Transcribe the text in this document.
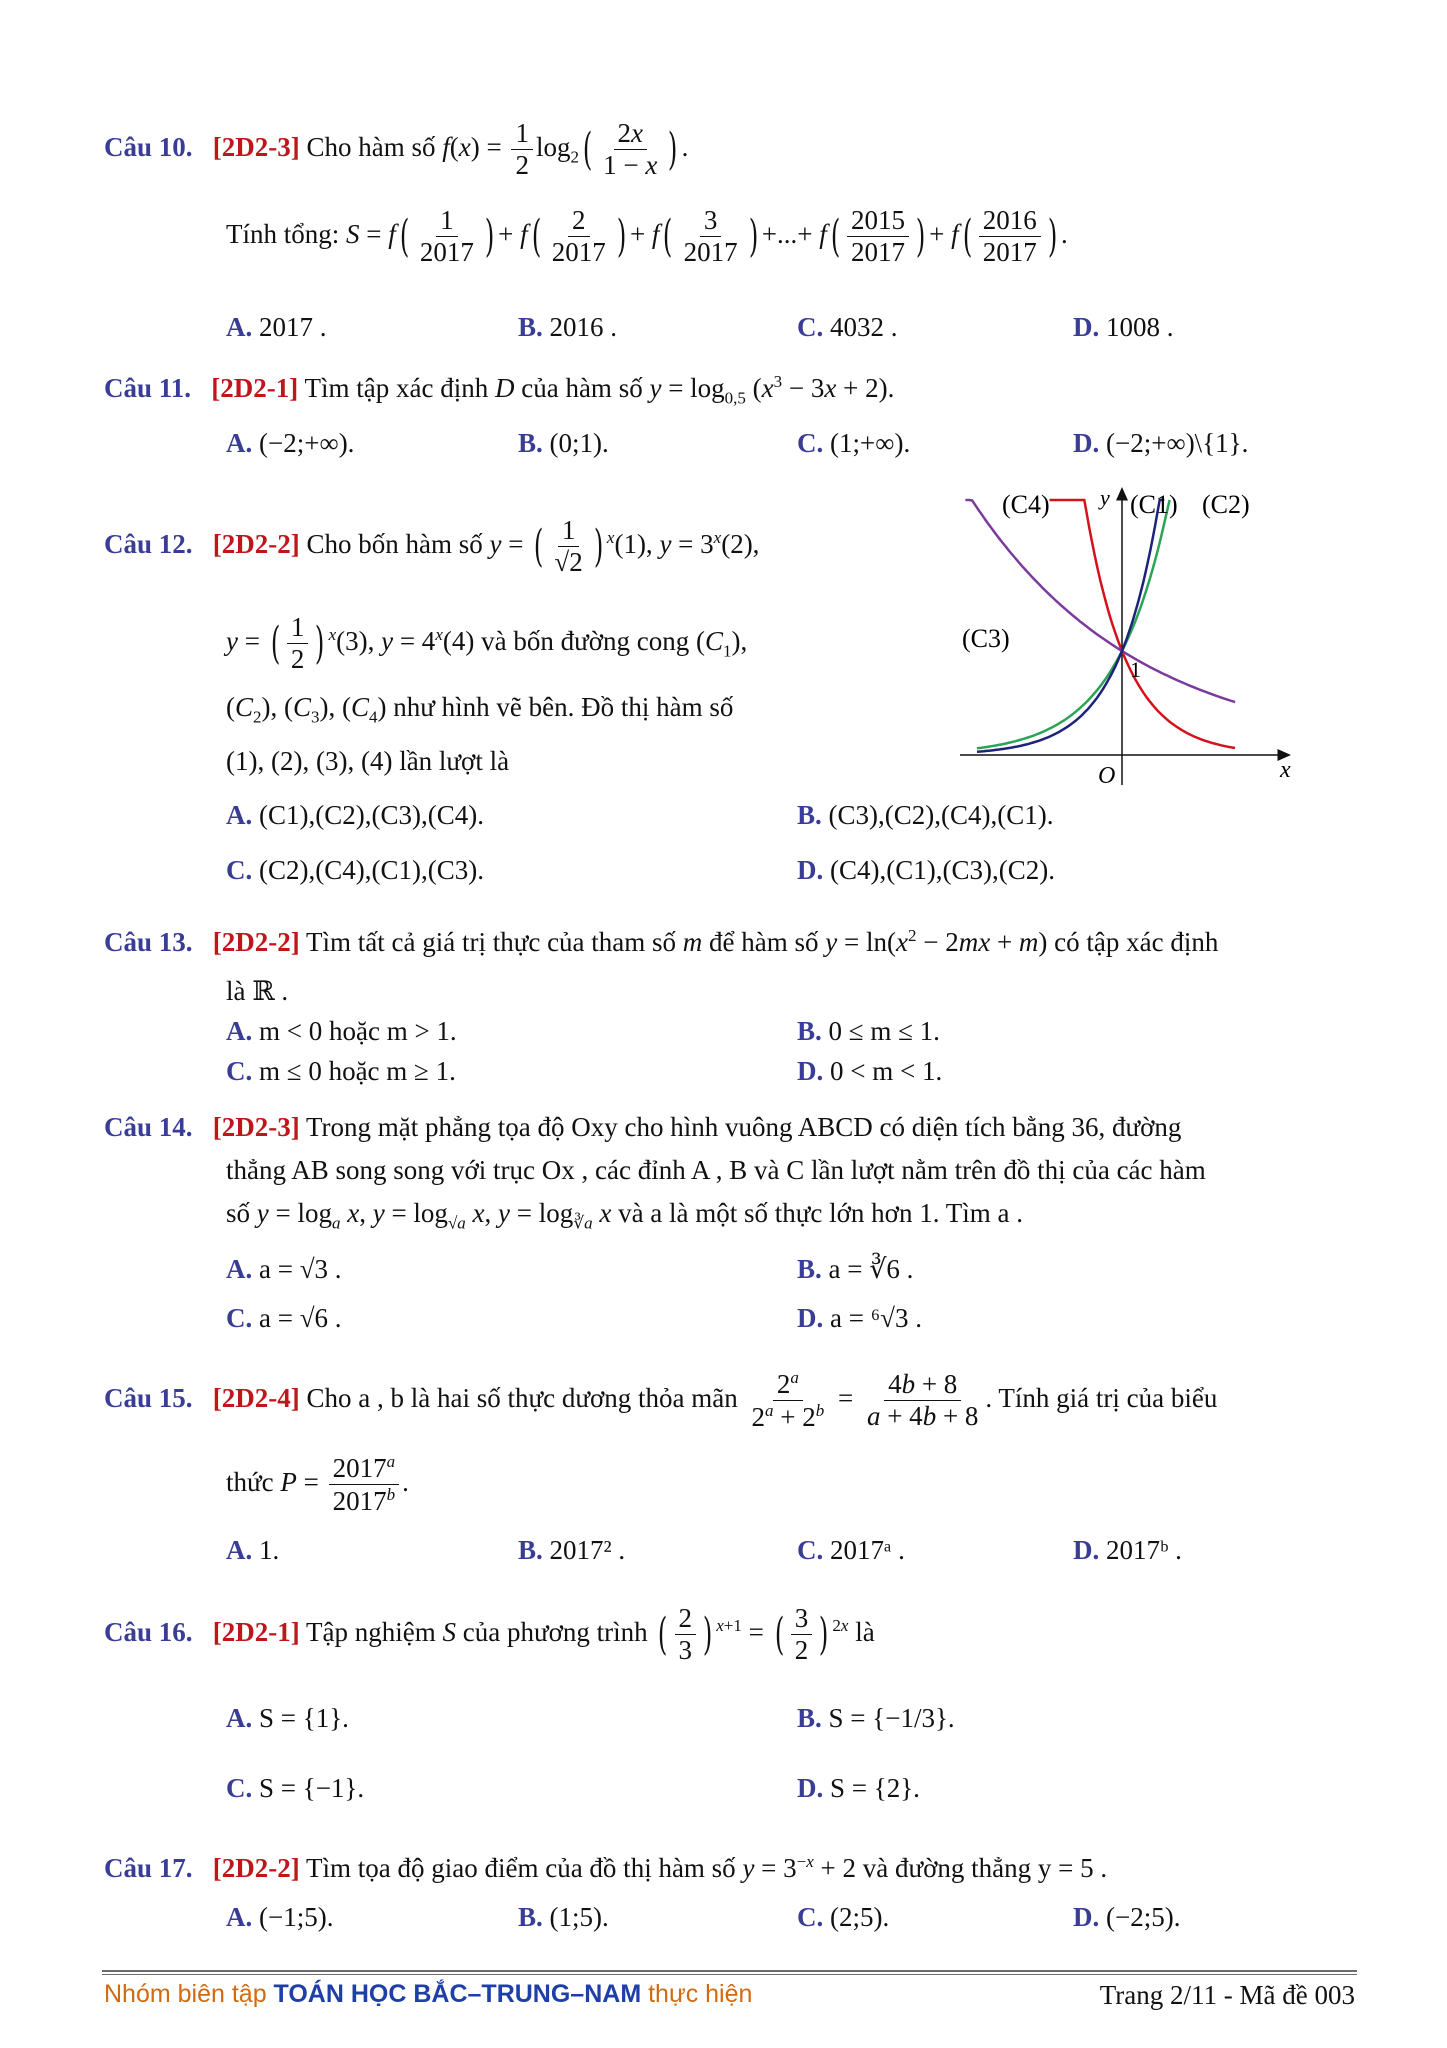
Câu 10. [2D2-3] Cho hàm số $f(x) = \frac{1}{2} \log_2( \frac{2x}{1 - x}$ ) .
Tính tổng: $S = f( \frac{1}{2017}$ ) + $f( \frac{2}{2017}$ ) + $f( \frac{3}{2017}$ ) +...+ $f( \frac{2015}{2017}$ ) + $f( \frac{2016}{2017}$ ) .
A. 2017 .	B. 2016 .	C. 4032 .	D. 1008 .
Câu 11. [2D2-1] Tìm tập xác định D của hàm số $y = \log_{0,5} (x^3 - 3x + 2)$.
A. (−2;+∞).	B. (0;1).	C. (1;+∞).	D. (−2;+∞)\{1}.
Câu 12. [2D2-2] Cho bốn hàm số y = ( $\frac{1}{√2}$ ) $^x$(1), $y = 3^x(2)$,
y = ( $\frac{1}{2}$ ) $^x$(3), $y = 4^x(4)$ và bốn đường cong $(C_1)$,
$(C_2)$, $(C_3)$, $(C_4)$ như hình vẽ bên. Đồ thị hàm số
(1), (2), (3), (4) lần lượt là
(C4) y (C1) (C2)
(C3)
1
O	x
A. (C1),(C2),(C3),(C4).	B. (C3),(C2),(C4),(C1).
C. (C2),(C4),(C1),(C3).	D. (C4),(C1),(C3),(C2).
Câu 13. [2D2-2] Tìm tất cả giá trị thực của tham số m để hàm số $y = \ln(x^2 - 2mx + m)$ có tập xác định
là ℝ .
A. m < 0 hoặc m > 1.	B. 0 ≤ m ≤ 1.
C. m ≤ 0 hoặc m ≥ 1.	D. 0 < m < 1.
Câu 14. [2D2-3] Trong mặt phẳng tọa độ Oxy cho hình vuông ABCD có diện tích bằng 36, đường
thẳng AB song song với trục Ox , các đỉnh A , B và C lần lượt nằm trên đồ thị của các hàm
số $y = \log_a x$, $y = \log_{√a} x$, $y = \log_{∛a} x$ và a là một số thực lớn hơn 1. Tìm a .
A. a = √3 .	B. a = ∛6 .
C. a = √6 .	D. a = ⁶√3 .
Câu 15. [2D2-4] Cho a , b là hai số thực dương thỏa mãn $\frac{2^a}{2^a + 2^b} = \frac{4b + 8}{a + 4b + 8}$ . Tính giá trị của biểu
thức $P = \frac{2017^a}{2017^b}$ .
A. 1.	B. 2017² .	C. 2017ᵃ .	D. 2017ᵇ .
Câu 16. [2D2-1] Tập nghiệm S của phương trình ( $\frac{2}{3}$ ) $^{x+1}$ = ( $\frac{3}{2}$ ) $^{2x}$ là
A. S = {1}.	B. S = {−1/3}.
C. S = {−1}.	D. S = {2}.
Câu 17. [2D2-2] Tìm tọa độ giao điểm của đồ thị hàm số $y = 3^{-x} + 2$ và đường thẳng y = 5 .
A. (−1;5).	B. (1;5).	C. (2;5).	D. (−2;5).
Nhóm biên tập TOÁN HỌC BẮC–TRUNG–NAM thực hiện	Trang 2/11 - Mã đề 003
